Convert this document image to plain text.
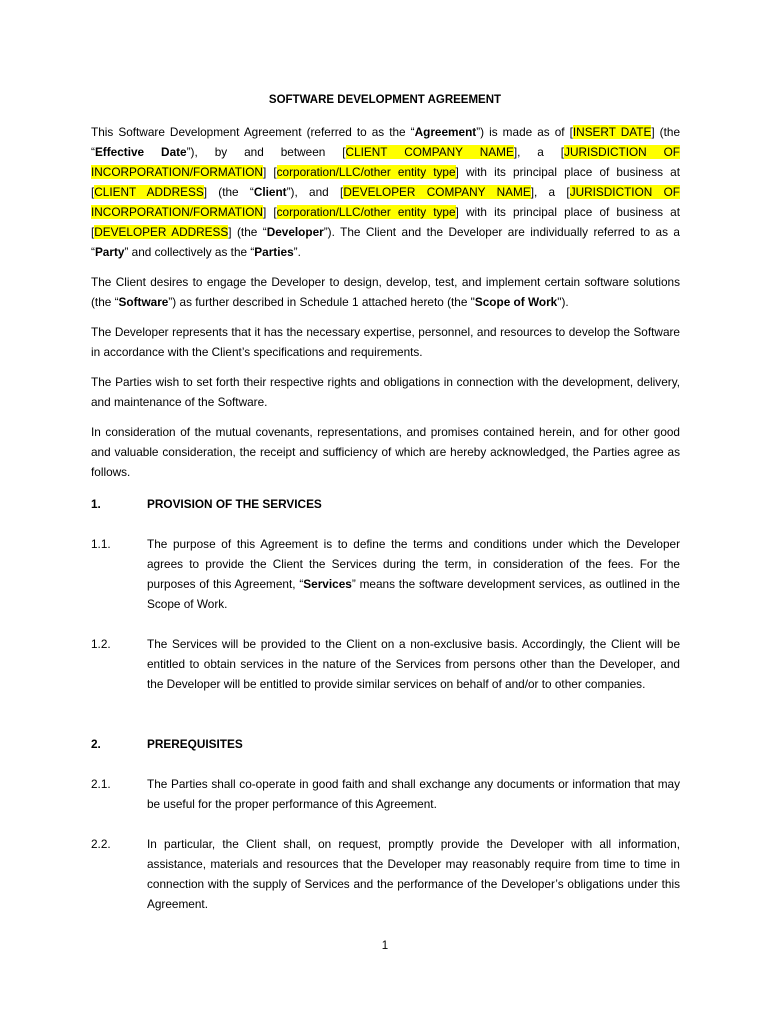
SOFTWARE DEVELOPMENT AGREEMENT

This Software Development Agreement (referred to as the “Agreement”) is made as of [INSERT DATE] (the “Effective Date”), by and between [CLIENT COMPANY NAME], a [JURISDICTION OF INCORPORATION/FORMATION] [corporation/LLC/other entity type] with its principal place of business at [CLIENT ADDRESS] (the “Client”), and [DEVELOPER COMPANY NAME], a [JURISDICTION OF INCORPORATION/FORMATION] [corporation/LLC/other entity type] with its principal place of business at [DEVELOPER ADDRESS] (the “Developer”). The Client and the Developer are individually referred to as a “Party” and collectively as the “Parties”.

The Client desires to engage the Developer to design, develop, test, and implement certain software solutions (the “Software”) as further described in Schedule 1 attached hereto (the "Scope of Work").

The Developer represents that it has the necessary expertise, personnel, and resources to develop the Software in accordance with the Client’s specifications and requirements.

The Parties wish to set forth their respective rights and obligations in connection with the development, delivery, and maintenance of the Software.

In consideration of the mutual covenants, representations, and promises contained herein, and for other good and valuable consideration, the receipt and sufficiency of which are hereby acknowledged, the Parties agree as follows.

1.	PROVISION OF THE SERVICES
1.1.	The purpose of this Agreement is to define the terms and conditions under which the Developer agrees to provide the Client the Services during the term, in consideration of the fees. For the purposes of this Agreement, “Services” means the software development services, as outlined in the Scope of Work.
1.2.	The Services will be provided to the Client on a non-exclusive basis. Accordingly, the Client will be entitled to obtain services in the nature of the Services from persons other than the Developer, and the Developer will be entitled to provide similar services on behalf of and/or to other companies.
2.	PREREQUISITES
2.1.	The Parties shall co-operate in good faith and shall exchange any documents or information that may be useful for the proper performance of this Agreement.
2.2.	In particular, the Client shall, on request, promptly provide the Developer with all information, assistance, materials and resources that the Developer may reasonably require from time to time in connection with the supply of Services and the performance of the Developer’s obligations under this Agreement.
1
